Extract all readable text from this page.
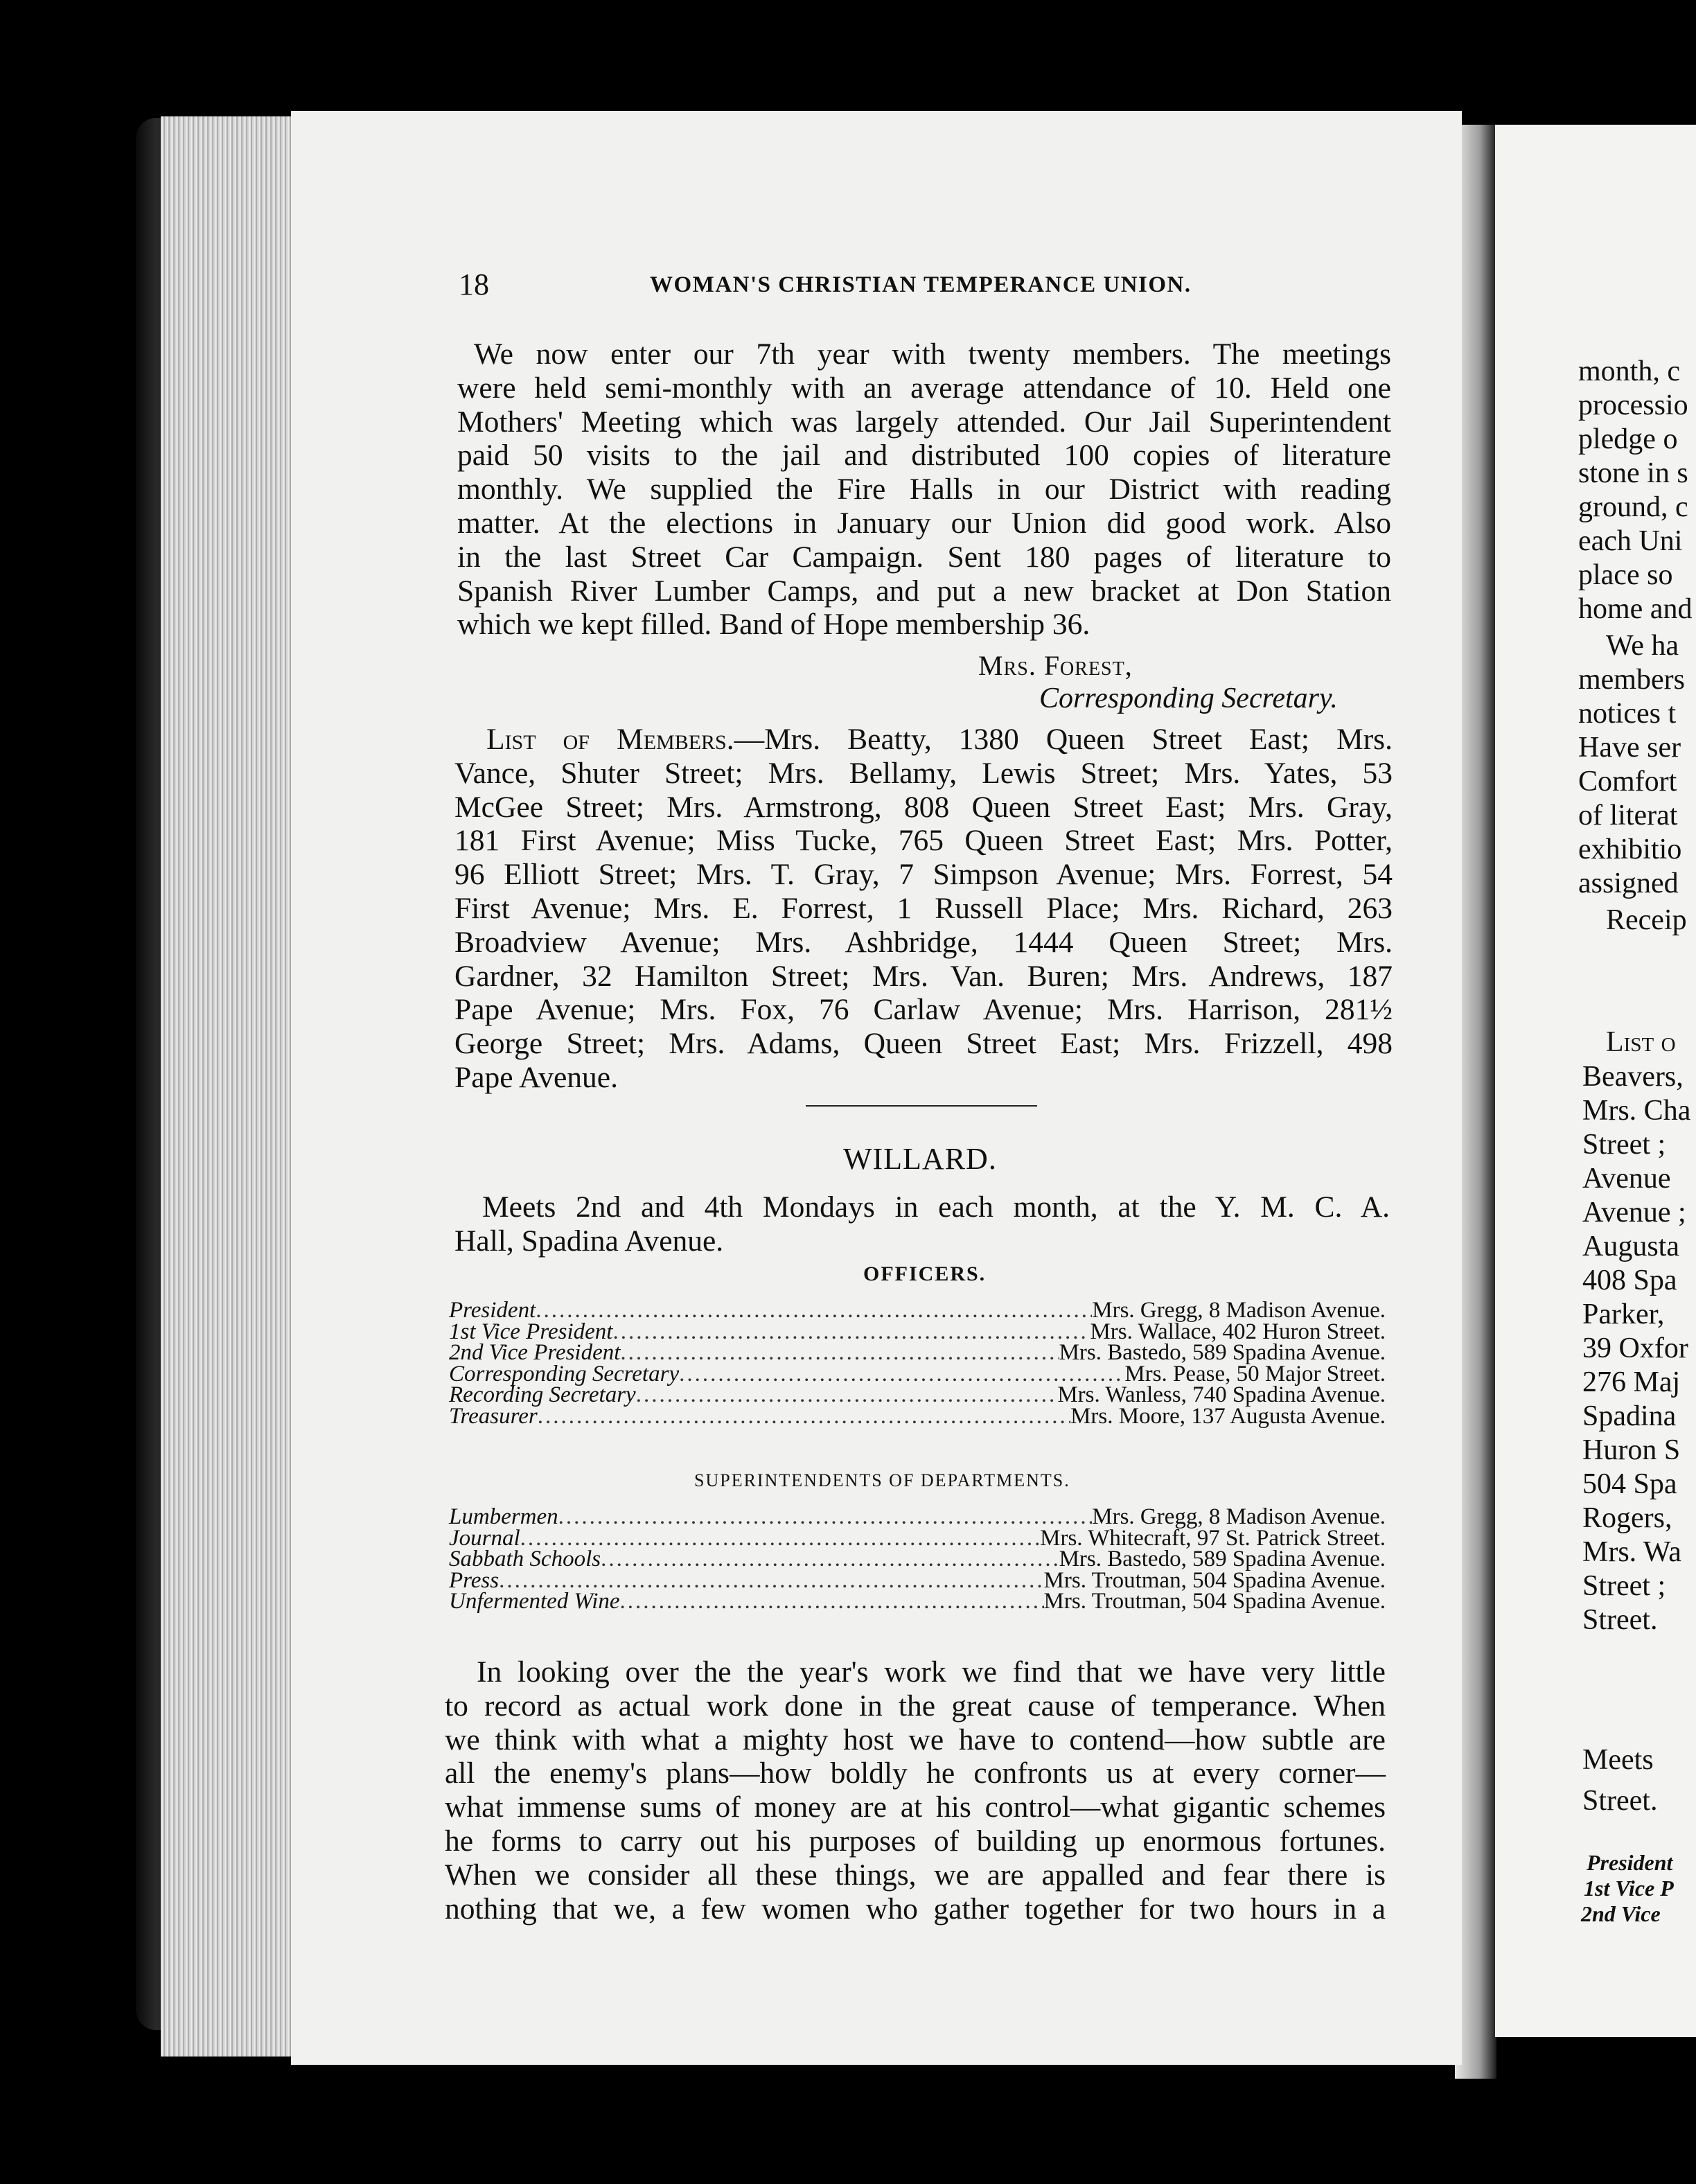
18	WOMAN'S CHRISTIAN TEMPERANCE UNION.
We now enter our 7th year with twenty members. The meetings
were held semi-monthly with an average attendance of 10. Held one
Mothers' Meeting which was largely attended. Our Jail Superintendent
paid 50 visits to the jail and distributed 100 copies of literature
monthly. We supplied the Fire Halls in our District with reading
matter. At the elections in January our Union did good work. Also
in the last Street Car Campaign. Sent 180 pages of literature to
Spanish River Lumber Camps, and put a new bracket at Don Station
which we kept filled. Band of Hope membership 36.
Mrs. Forest,
Corresponding Secretary.
List of Members.—Mrs. Beatty, 1380 Queen Street East; Mrs.
Vance, Shuter Street; Mrs. Bellamy, Lewis Street; Mrs. Yates, 53
McGee Street; Mrs. Armstrong, 808 Queen Street East; Mrs. Gray,
181 First Avenue; Miss Tucke, 765 Queen Street East; Mrs. Potter,
96 Elliott Street; Mrs. T. Gray, 7 Simpson Avenue; Mrs. Forrest, 54
First Avenue; Mrs. E. Forrest, 1 Russell Place; Mrs. Richard, 263
Broadview Avenue; Mrs. Ashbridge, 1444 Queen Street; Mrs.
Gardner, 32 Hamilton Street; Mrs. Van. Buren; Mrs. Andrews, 187
Pape Avenue; Mrs. Fox, 76 Carlaw Avenue; Mrs. Harrison, 281½
George Street; Mrs. Adams, Queen Street East; Mrs. Frizzell, 498
Pape Avenue.
WILLARD.
Meets 2nd and 4th Mondays in each month, at the Y. M. C. A.
Hall, Spadina Avenue.
OFFICERS.
President .....	Mrs. Gregg, 8 Madison Avenue.
1st Vice President .....	Mrs. Wallace, 402 Huron Street.
2nd Vice President .....	Mrs. Bastedo, 589 Spadina Avenue.
Corresponding Secretary .....	Mrs. Pease, 50 Major Street.
Recording Secretary .....	Mrs. Wanless, 740 Spadina Avenue.
Treasurer .....	Mrs. Moore, 137 Augusta Avenue.
SUPERINTENDENTS OF DEPARTMENTS.
Lumbermen .....	Mrs. Gregg, 8 Madison Avenue.
Journal .....	Mrs. Whitecraft, 97 St. Patrick Street.
Sabbath Schools .....	Mrs. Bastedo, 589 Spadina Avenue.
Press .....	Mrs. Troutman, 504 Spadina Avenue.
Unfermented Wine .....	Mrs. Troutman, 504 Spadina Avenue.
In looking over the the year's work we find that we have very little
to record as actual work done in the great cause of temperance. When
we think with what a mighty host we have to contend—how subtle are
all the enemy's plans—how boldly he confronts us at every corner—
what immense sums of money are at his control—what gigantic schemes
he forms to carry out his purposes of building up enormous fortunes.
When we consider all these things, we are appalled and fear there is
nothing that we, a few women who gather together for two hours in a
month, c
processio
pledge o
stone in s
ground, c
each Uni
place so
home and
We ha
members
notices t
Have ser
Comfort
of literat
exhibitio
assigned
Receip
List o
Beavers,
Mrs. Cha
Street ;
Avenue
Avenue ;
Augusta
408 Spa
Parker,
39 Oxfor
276 Maj
Spadina
Huron S
504 Spa
Rogers,
Mrs. Wa
Street ;
Street.
Meets
Street.
President
1st Vice P
2nd Vice
